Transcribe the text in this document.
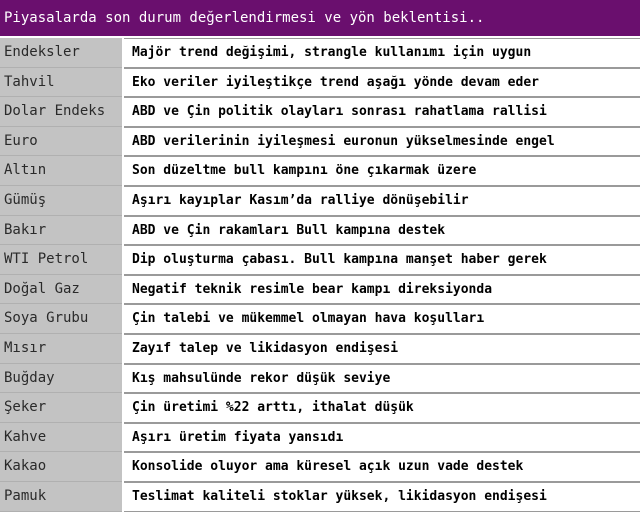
Piyasalarda son durum değerlendirmesi ve yön beklentisi..
Endeksler	Majör trend değişimi, strangle kullanımı için uygun
Tahvil	Eko veriler iyileştikçe trend aşağı yönde devam eder
Dolar Endeks	ABD ve Çin politik olayları sonrası rahatlama rallisi
Euro	ABD verilerinin iyileşmesi euronun yükselmesinde engel
Altın	Son düzeltme bull kampını öne çıkarmak üzere
Gümüş	Aşırı kayıplar Kasım’da ralliye dönüşebilir
Bakır	ABD ve Çin rakamları Bull kampına destek
WTI Petrol	Dip oluşturma çabası. Bull kampına manşet haber gerek
Doğal Gaz	Negatif teknik resimle bear kampı direksiyonda
Soya Grubu	Çin talebi ve mükemmel olmayan hava koşulları
Mısır	Zayıf talep ve likidasyon endişesi
Buğday	Kış mahsulünde rekor düşük seviye
Şeker	Çin üretimi %22 arttı, ithalat düşük
Kahve	Aşırı üretim fiyata yansıdı
Kakao	Konsolide oluyor ama küresel açık uzun vade destek
Pamuk	Teslimat kaliteli stoklar yüksek, likidasyon endişesi
